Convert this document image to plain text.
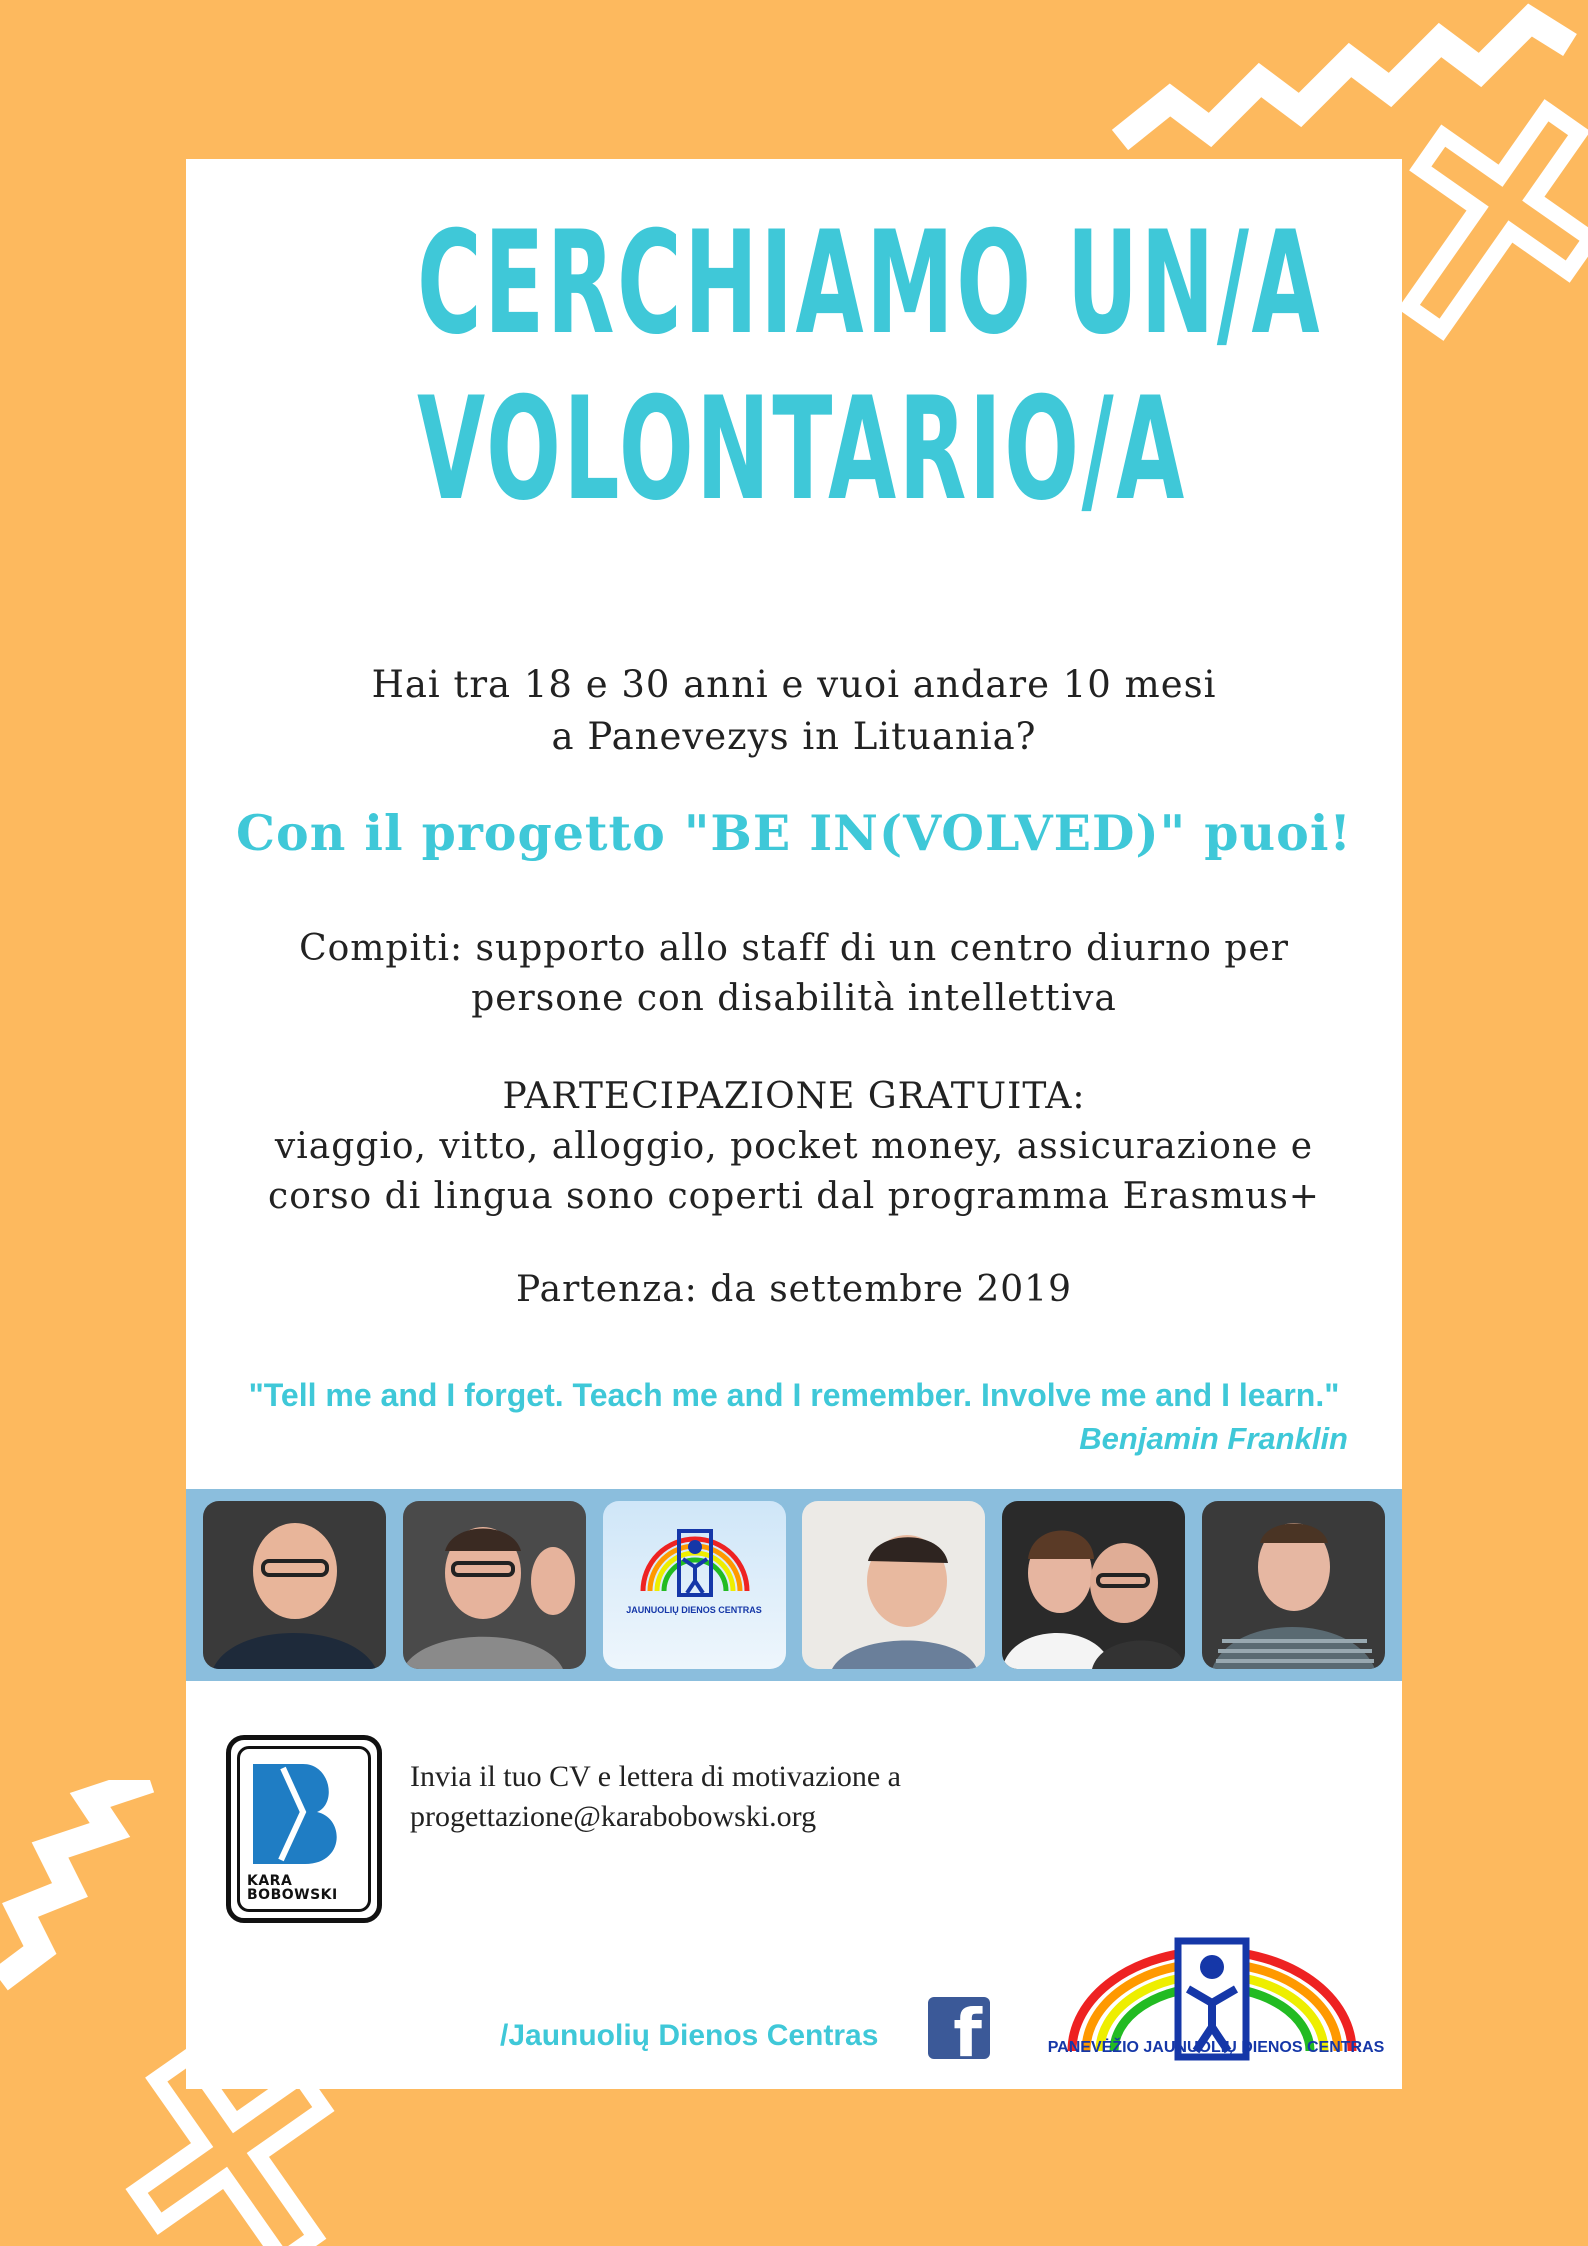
CERCHIAMO UN/A
VOLONTARIO/A
Hai tra 18 e 30 anni e vuoi andare 10 mesi
a Panevezys in Lituania?
Con il progetto "BE IN(VOLVED)" puoi!
Compiti: supporto allo staff di un centro diurno per
persone con disabilità intellettiva
PARTECIPAZIONE GRATUITA:
viaggio, vitto, alloggio, pocket money, assicurazione e
corso di lingua sono coperti dal programma Erasmus+
Partenza: da settembre 2019
"Tell me and I forget. Teach me and I remember. Involve me and I learn."
Benjamin Franklin
JAUNUOLIŲ DIENOS CENTRAS
KARA
BOBOWSKI
Invia il tuo CV e lettera di motivazione a
progettazione@karabobowski.org
/Jaunuolių Dienos Centras f	PANEVĖŽIO JAUNUOLIŲ DIENOS CENTRAS
